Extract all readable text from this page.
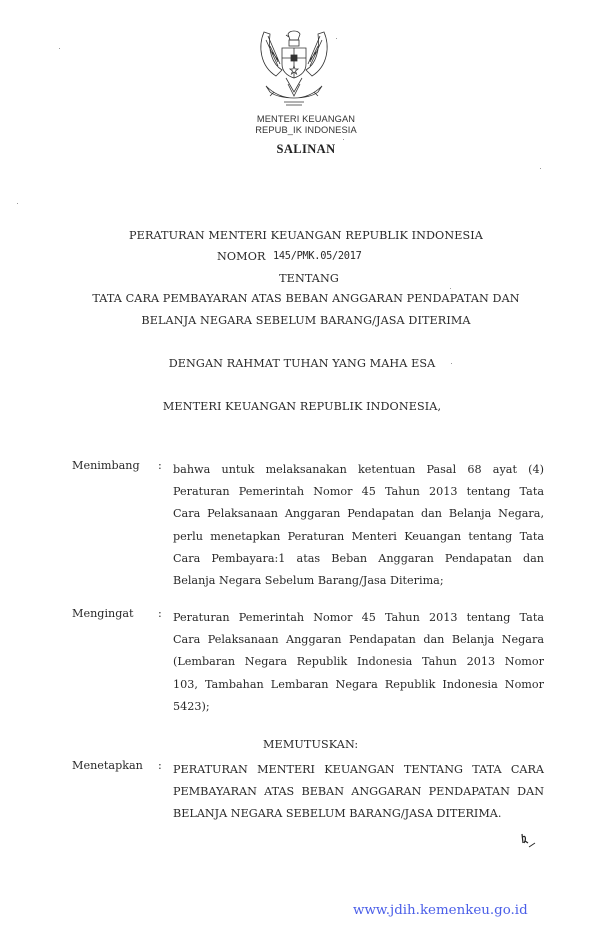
MENTERI KEUANGAN
REPUB_IK INDONESIA
SALINAN
PERATURAN MENTERI KEUANGAN REPUBLIK INDONESIA
NOMOR 145/PMK.05/2017
TENTANG
TATA CARA PEMBAYARAN ATAS BEBAN ANGGARAN PENDAPATAN DAN
BELANJA NEGARA SEBELUM BARANG/JASA DITERIMA
DENGAN RAHMAT TUHAN YANG MAHA ESA
MENTERI KEUANGAN REPUBLIK INDONESIA,
Menimbang : bahwa untuk melaksanakan ketentuan Pasal 68 ayat (4)
Peraturan Pemerintah Nomor 45 Tahun 2013 tentang Tata
Cara Pelaksanaan Anggaran Pendapatan dan Belanja Negara,
perlu menetapkan Peraturan Menteri Keuangan tentang Tata
Cara Pembayara:1 atas Beban Anggaran Pendapatan dan
Belanja Negara Sebelum Barang/Jasa Diterima;
Mengingat : Peraturan Pemerintah Nomor 45 Tahun 2013 tentang Tata
Cara Pelaksanaan Anggaran Pendapatan dan Belanja Negara
(Lembaran Negara Republik Indonesia Tahun 2013 Nomor
103, Tambahan Lembaran Negara Republik Indonesia Nomor
5423);
MEMUTUSKAN:
Menetapkan : PERATURAN MENTERI KEUANGAN TENTANG TATA CARA
PEMBAYARAN ATAS BEBAN ANGGARAN PENDAPATAN DAN
BELANJA NEGARA SEBELUM BARANG/JASA DITERIMA.
www.jdih.kemenkeu.go.id
